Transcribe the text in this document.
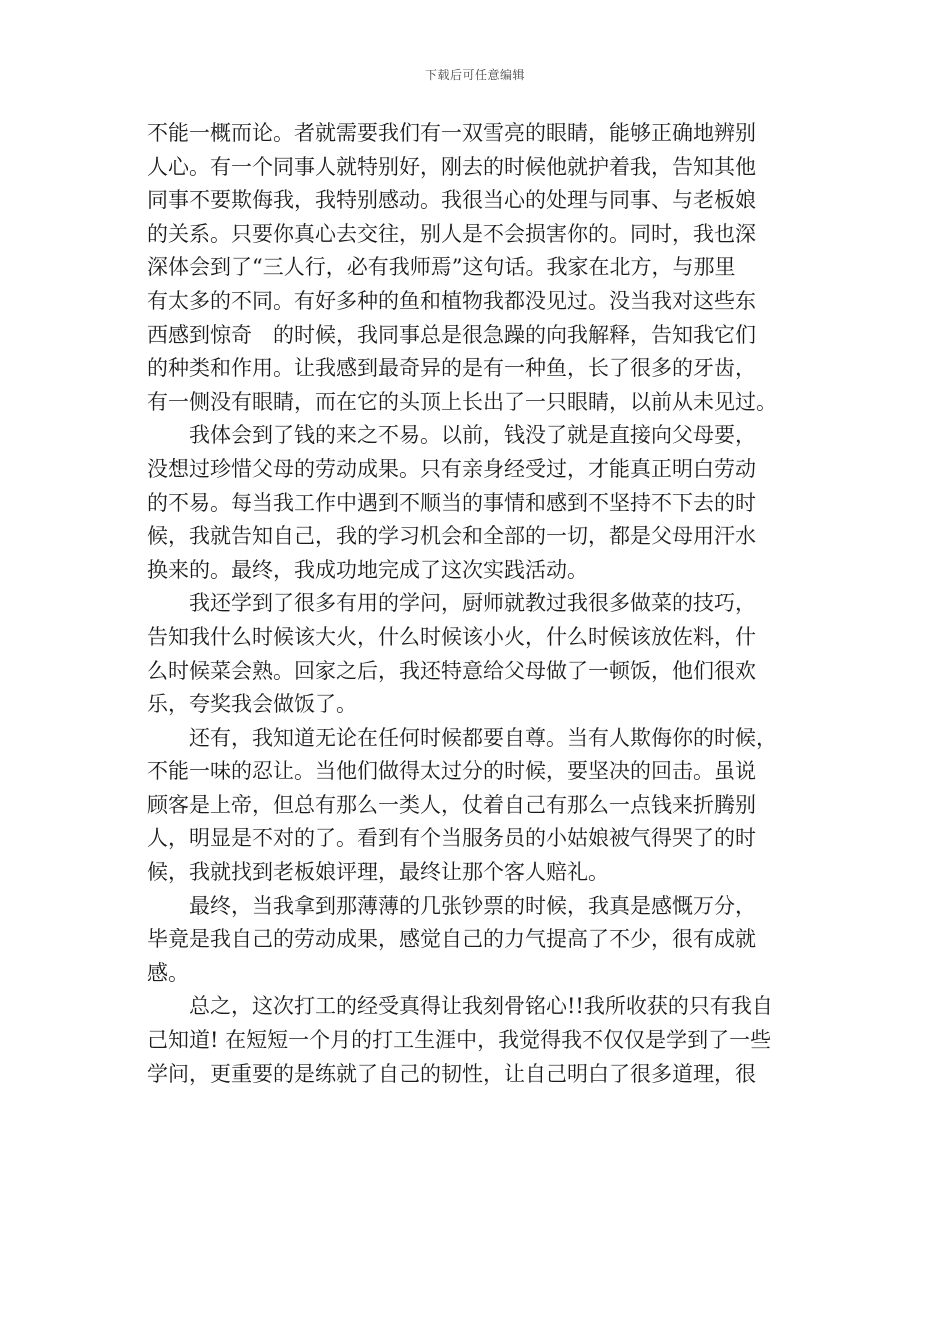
下载后可任意编辑
不能一概而论。者就需要我们有一双雪亮的眼睛，能够正确地辨别
人心。有一个同事人就特别好，刚去的时候他就护着我，告知其他
同事不要欺侮我，我特别感动。我很当心的处理与同事、与老板娘
的关系。只要你真心去交往，别人是不会损害你的。同时，我也深
深体会到了“三人行，必有我师焉”这句话。我家在北方，与那里
有太多的不同。有好多种的鱼和植物我都没见过。没当我对这些东
西感到惊奇　的时候，我同事总是很急躁的向我解释，告知我它们
的种类和作用。让我感到最奇异的是有一种鱼，长了很多的牙齿，
有一侧没有眼睛，而在它的头顶上长出了一只眼睛，以前从未见过。
我体会到了钱的来之不易。以前，钱没了就是直接向父母要，
没想过珍惜父母的劳动成果。只有亲身经受过，才能真正明白劳动
的不易。每当我工作中遇到不顺当的事情和感到不坚持不下去的时
候，我就告知自己，我的学习机会和全部的一切，都是父母用汗水
换来的。最终，我成功地完成了这次实践活动。
我还学到了很多有用的学问，厨师就教过我很多做菜的技巧，
告知我什么时候该大火，什么时候该小火，什么时候该放佐料，什
么时候菜会熟。回家之后，我还特意给父母做了一顿饭，他们很欢
乐，夸奖我会做饭了。
还有，我知道无论在任何时候都要自尊。当有人欺侮你的时候，
不能一味的忍让。当他们做得太过分的时候，要坚决的回击。虽说
顾客是上帝，但总有那么一类人，仗着自己有那么一点钱来折腾别
人，明显是不对的了。看到有个当服务员的小姑娘被气得哭了的时
候，我就找到老板娘评理，最终让那个客人赔礼。
最终，当我拿到那薄薄的几张钞票的时候，我真是感慨万分，
毕竟是我自己的劳动成果，感觉自己的力气提高了不少，很有成就
感。
总之，这次打工的经受真得让我刻骨铭心!!我所收获的只有我自
己知道! 在短短一个月的打工生涯中，我觉得我不仅仅是学到了一些
学问，更重要的是练就了自己的韧性，让自己明白了很多道理，很
